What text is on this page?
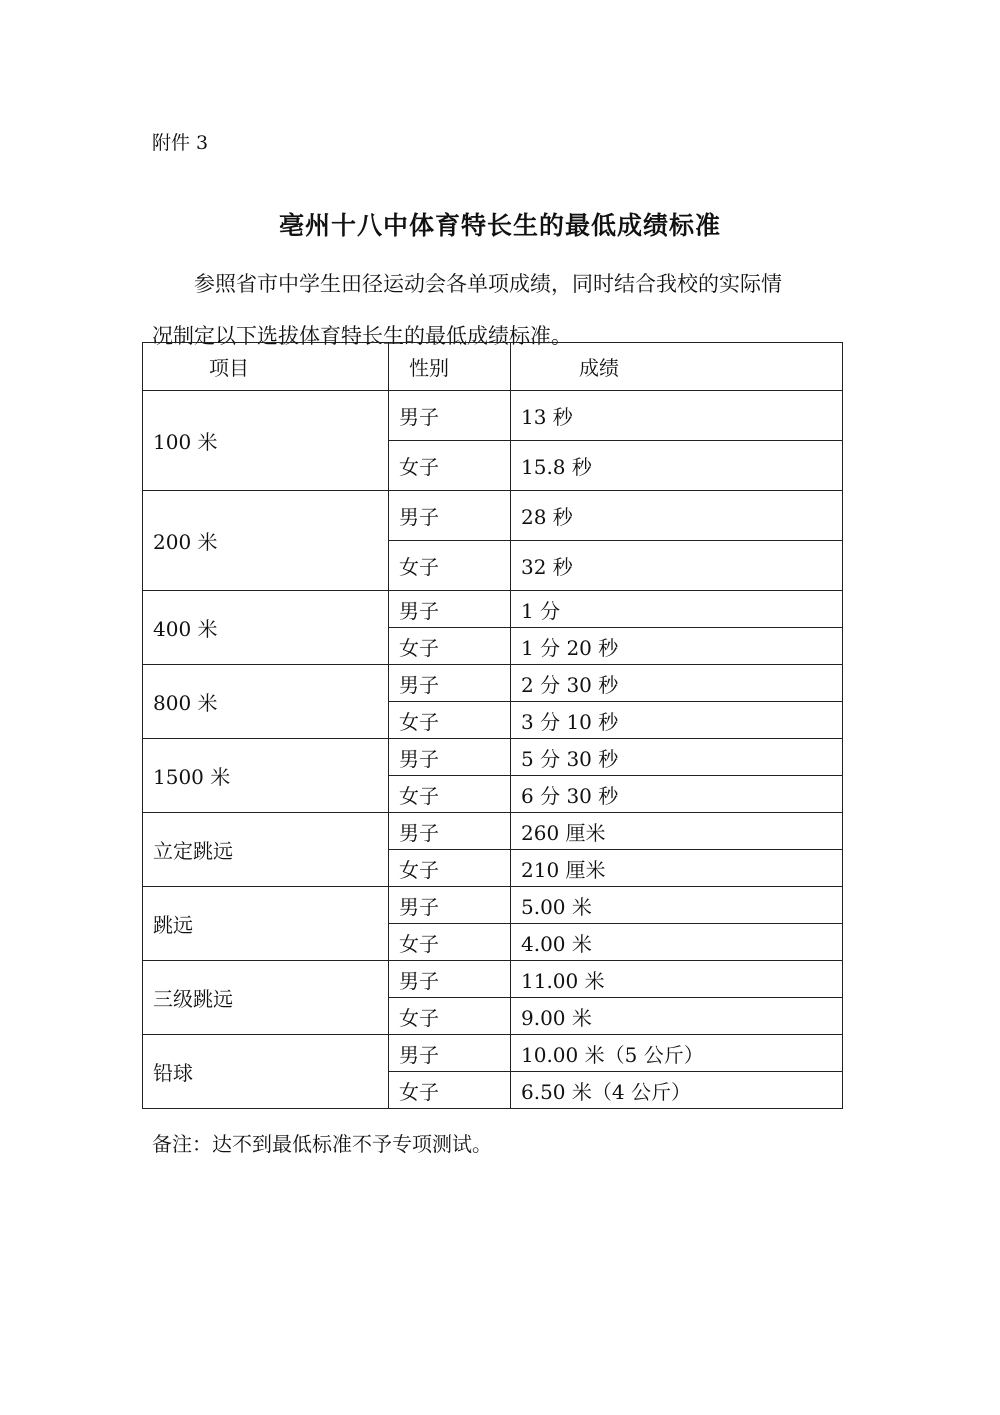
附件 3
亳州十八中体育特长生的最低成绩标准
参照省市中学生田径运动会各单项成绩，同时结合我校的实际情
况制定以下选拔体育特长生的最低成绩标准。
项目	性别	成绩
100 米	男子	13 秒
	女子	15.8 秒
200 米	男子	28 秒
	女子	32 秒
400 米	男子	1 分
	女子	1 分 20 秒
800 米	男子	2 分 30 秒
	女子	3 分 10 秒
1500 米	男子	5 分 30 秒
	女子	6 分 30 秒
立定跳远	男子	260 厘米
	女子	210 厘米
跳远	男子	5.00 米
	女子	4.00 米
三级跳远	男子	11.00 米
	女子	9.00 米
铅球	男子	10.00 米（5 公斤）
	女子	6.50 米（4 公斤）
备注：达不到最低标准不予专项测试。
